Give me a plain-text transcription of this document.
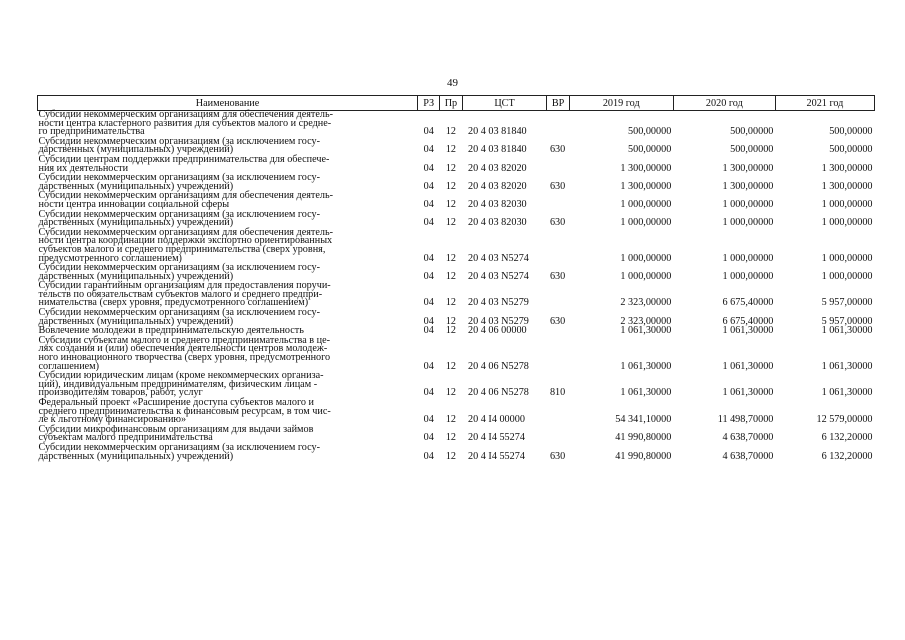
49
Наименование	РЗ	Пр	ЦСТ	ВР	2019 год	2020 год	2021 год
Субсидии некоммерческим организациям для обеспечения деятель-
ности центра кластерного развития для субъектов малого и средне-
го предпринимательства	04	12	20 4 03 81840		500,00000	500,00000	500,00000
Субсидии некоммерческим организациям (за исключением госу-
дарственных (муниципальных) учреждений)	04	12	20 4 03 81840	630	500,00000	500,00000	500,00000
Субсидии центрам поддержки предпринимательства для обеспече-
ния их деятельности	04	12	20 4 03 82020		1 300,00000	1 300,00000	1 300,00000
Субсидии некоммерческим организациям (за исключением госу-
дарственных (муниципальных) учреждений)	04	12	20 4 03 82020	630	1 300,00000	1 300,00000	1 300,00000
Субсидии некоммерческим организациям для обеспечения деятель-
ности центра инновации социальной сферы	04	12	20 4 03 82030		1 000,00000	1 000,00000	1 000,00000
Субсидии некоммерческим организациям (за исключением госу-
дарственных (муниципальных) учреждений)	04	12	20 4 03 82030	630	1 000,00000	1 000,00000	1 000,00000
Субсидии некоммерческим организациям для обеспечения деятель-
ности центра координации поддержки экспортно ориентированных
субъектов малого и среднего предпринимательства (сверх уровня,
предусмотренного соглашением)	04	12	20 4 03 N5274		1 000,00000	1 000,00000	1 000,00000
Субсидии некоммерческим организациям (за исключением госу-
дарственных (муниципальных) учреждений)	04	12	20 4 03 N5274	630	1 000,00000	1 000,00000	1 000,00000
Субсидии гарантийным организациям для предоставления поручи-
тельств по обязательствам субъектов малого и среднего предпри-
нимательства (сверх уровня, предусмотренного соглашением)	04	12	20 4 03 N5279		2 323,00000	6 675,40000	5 957,00000
Субсидии некоммерческим организациям (за исключением госу-
дарственных (муниципальных) учреждений)	04	12	20 4 03 N5279	630	2 323,00000	6 675,40000	5 957,00000
Вовлечение молодежи в предпринимательскую деятельность	04	12	20 4 06 00000		1 061,30000	1 061,30000	1 061,30000
Субсидии субъектам малого и среднего предпринимательства в це-
лях создания и (или) обеспечения деятельности центров молодеж-
ного инновационного творчества (сверх уровня, предусмотренного
соглашением)	04	12	20 4 06 N5278		1 061,30000	1 061,30000	1 061,30000
Субсидии юридическим лицам (кроме некоммерческих организа-
ций), индивидуальным предпринимателям, физическим лицам -
производителям товаров, работ, услуг	04	12	20 4 06 N5278	810	1 061,30000	1 061,30000	1 061,30000
Федеральный проект «Расширение доступа субъектов малого и
среднего предпринимательства к финансовым ресурсам, в том чис-
ле к льготному финансированию»	04	12	20 4 I4 00000		54 341,10000	11 498,70000	12 579,00000
Субсидии микрофинансовым организациям для выдачи займов
субъектам малого предпринимательства	04	12	20 4 I4 55274		41 990,80000	4 638,70000	6 132,20000
Субсидии некоммерческим организациям (за исключением госу-
дарственных (муниципальных) учреждений)	04	12	20 4 I4 55274	630	41 990,80000	4 638,70000	6 132,20000
